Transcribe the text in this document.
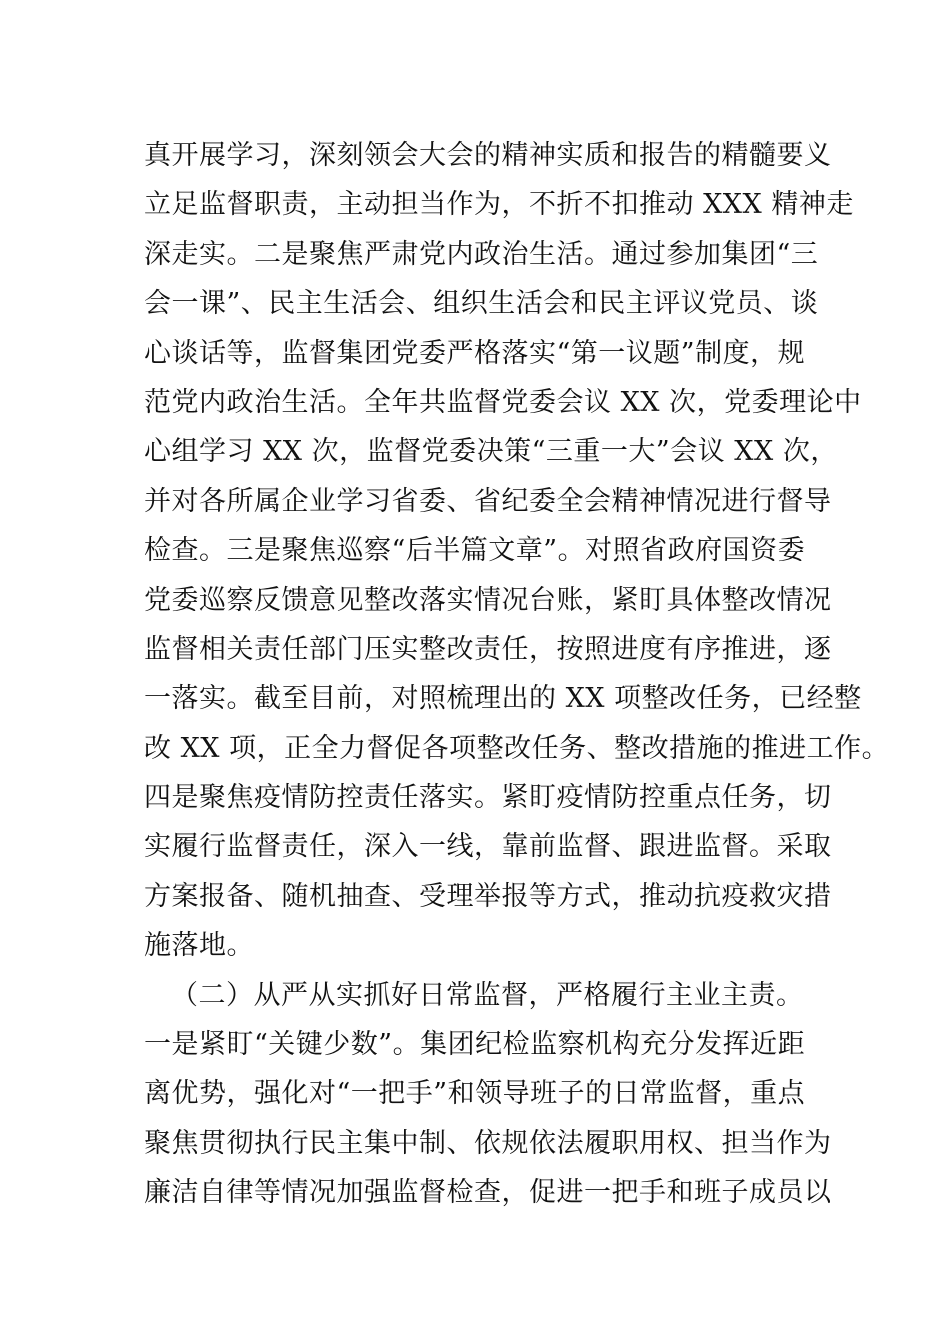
真开展学习，深刻领会大会的精神实质和报告的精髓要义
立足监督职责，主动担当作为，不折不扣推动 XXX 精神走
深走实。二是聚焦严肃党内政治生活。通过参加集团“三
会一课”、民主生活会、组织生活会和民主评议党员、谈
心谈话等，监督集团党委严格落实“第一议题”制度，规
范党内政治生活。全年共监督党委会议 XX 次，党委理论中
心组学习 XX 次，监督党委决策“三重一大”会议 XX 次，
并对各所属企业学习省委、省纪委全会精神情况进行督导
检查。三是聚焦巡察“后半篇文章”。对照省政府国资委
党委巡察反馈意见整改落实情况台账，紧盯具体整改情况
监督相关责任部门压实整改责任，按照进度有序推进，逐
一落实。截至目前，对照梳理出的 XX 项整改任务，已经整
改 XX 项，正全力督促各项整改任务、整改措施的推进工作。
四是聚焦疫情防控责任落实。紧盯疫情防控重点任务，切
实履行监督责任，深入一线，靠前监督、跟进监督。采取
方案报备、随机抽查、受理举报等方式，推动抗疫救灾措
施落地。
（二）从严从实抓好日常监督，严格履行主业主责。
一是紧盯“关键少数”。集团纪检监察机构充分发挥近距
离优势，强化对“一把手”和领导班子的日常监督，重点
聚焦贯彻执行民主集中制、依规依法履职用权、担当作为
廉洁自律等情况加强监督检查，促进一把手和班子成员以
